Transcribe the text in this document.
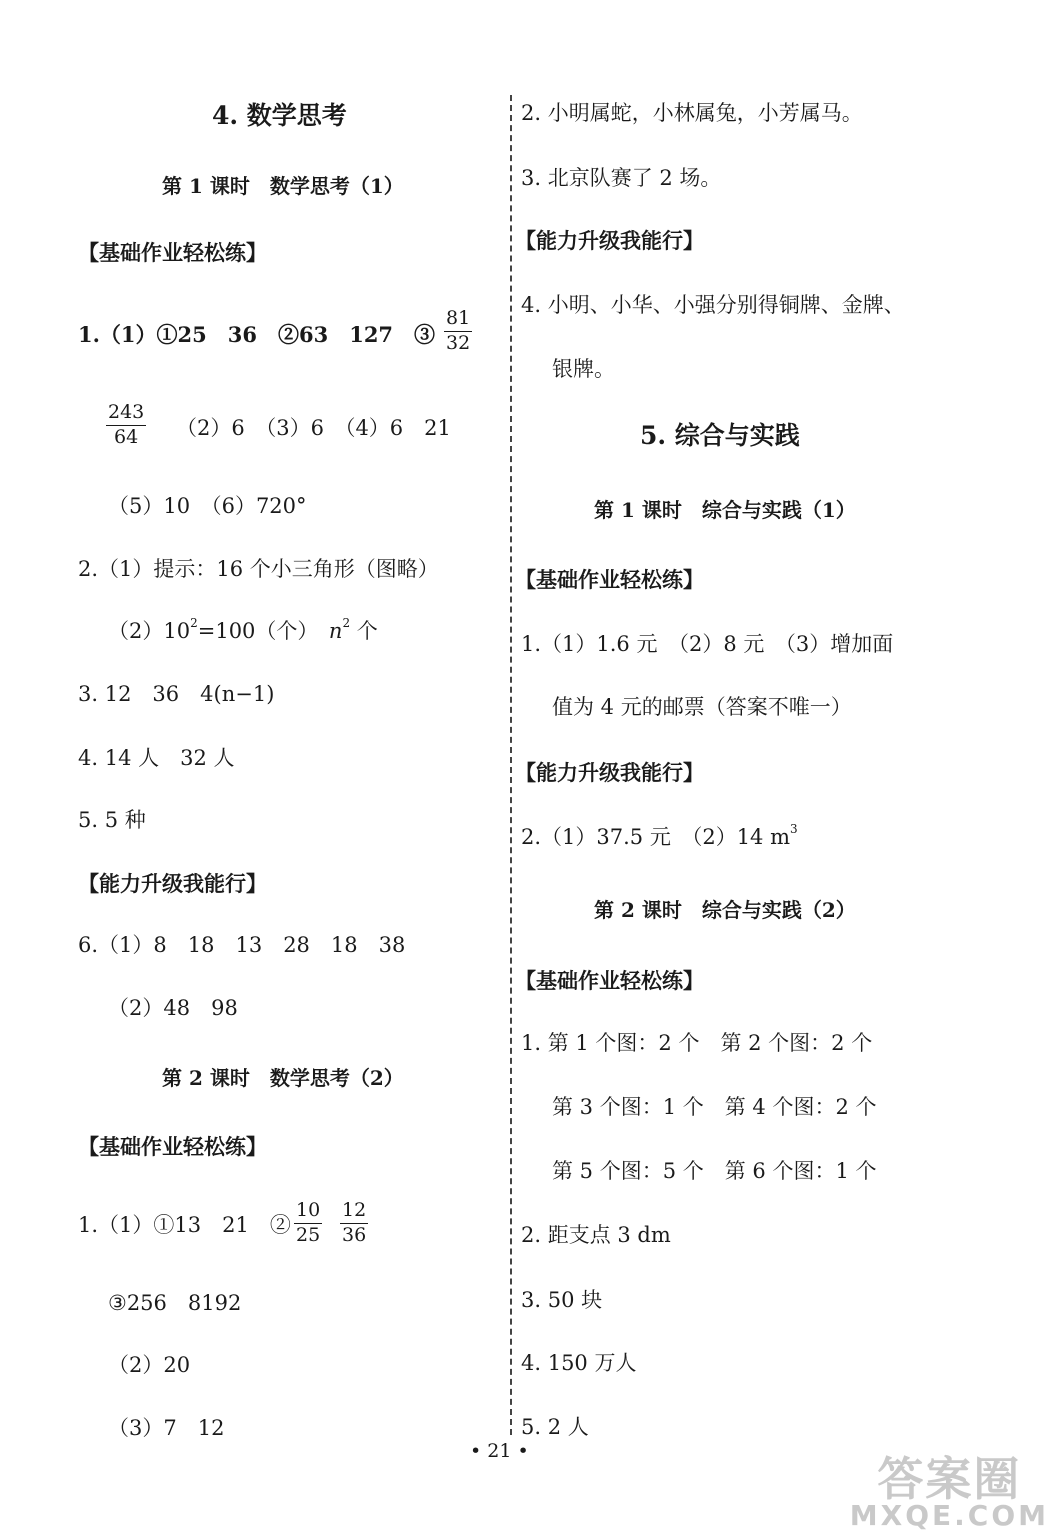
4. 数学思考
第 1 课时　数学思考（1）
【基础作业轻松练】
1.（1）①25　36　②63　127　③ $\frac{81}{32}$
$\frac{243}{64} (2)6$　（3）6　（4）6　21
（5）10　（6）720°
2.（1）提示：16 个小三角形（图略）
$(2)10^2=100$（个）　$n^2$ 个
3. 12　36　4(n−1)
4. 14 人　32 人
5. 5 种
【能力升级我能行】
6.（1）8　18　13　28　18　38
（2）48　98
第 2 课时　数学思考（2）
【基础作业轻松练】
1.（1）①13　21　② $\frac{10}{25} \frac{12}{36}$
③256　8192
（2）20
（3）7　12
2. 小明属蛇，小林属兔，小芳属马。
3. 北京队赛了 2 场。
【能力升级我能行】
4. 小明、小华、小强分别得铜牌、金牌、
银牌。
5. 综合与实践
第 1 课时　综合与实践（1）
【基础作业轻松练】
1.（1）1.6 元　（2）8 元　（3）增加面
值为 4 元的邮票（答案不唯一）
【能力升级我能行】
2.（1）37.5 元　（2）14 $m^3$
第 2 课时　综合与实践（2）
【基础作业轻松练】
1. 第 1 个图：2 个　第 2 个图：2 个
第 3 个图：1 个　第 4 个图：2 个
第 5 个图：5 个　第 6 个图：1 个
2. 距支点 3 dm
3. 50 块
4. 150 万人
5. 2 人
• 21 •
答案圈
MXQE.COM
